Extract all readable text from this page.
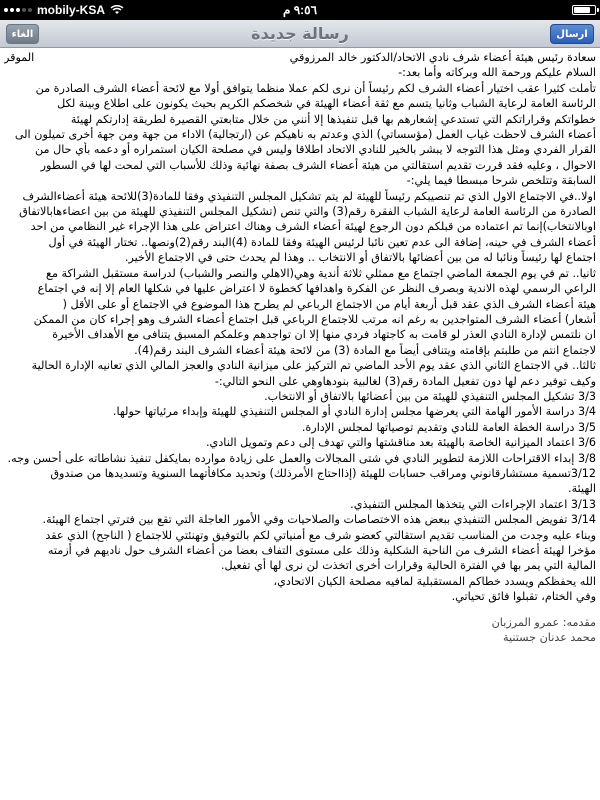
mobily-KSA	٩:٥٦ م
الغاء	رسالة جديدة	ارسال
سعادة رئيس هيئة أعضاء شرف نادي الاتحاد/الدكتور خالد المرزوقي
الموقر

السلام عليكم ورحمة الله وبركاته وأما بعد:-

تأملت كثيرا عقب اختيار أعضاء الشرف لكم رئيساً أن نرى لكم عملا منظما يتوافق أولا مع لائحة أعضاء الشرف الصادرة من

الرئاسة العامة لرعاية الشباب وثانيا يتسم مع ثقة أعضاء الهيئة في شخصكم الكريم بحيث يكونون على اطلاع وبينة لكل

خطواتكم وقراراتكم التي تستدعي إشعارهم بها قبل تنفيذها إلا أنني من خلال متابعتي القصيرة لطريقة إدارتكم لهيئة

أعضاء الشرف لاحظت غياب العمل (مؤسساتي) الذي وعدتم به ناهيكم عن (ارتجالية) الاداء من جهة ومن جهة أخرى تميلون الى

القرار الفردي ومثل هذا التوجه لا يبشر بالخير للنادي الاتحاد اطلاقا وليس في مصلحة الكيان استمراره أو دعمه بأي حال من

الاحوال ، وعليه فقد قررت تقديم استقالتي من هيئة أعضاء الشرف بصفة نهائية وذلك للأسباب التي لمحت لها في السطور

السابقة وتتلخص شرحا مبسطا فيما يلي:-

اولا..في الاجتماع الاول الذي تم تنصيبكم رئيساً للهيئة لم يتم تشكيل المجلس التنفيذي وفقا للمادة(3)للائحة هيئة أعضاءالشرف

الصادرة من الرئاسة العامة لرعاية الشباب الفقرة رقم(3) والتي تنص (تشكيل المجلس التنفيذي للهيئة من بين اعضاءهابالاتفاق

اوبالانتخاب)إنما تم اعتماده من قبلكم دون الرجوع لهيئة أعضاء الشرف وهناك اعتراض على هذا الإجراء غير النظامي من احد

أعضاء الشرف في حينه، إضافة الى عدم تعين نائبا لرئيس الهيئة وفقا للمادة (4)البند رقم(2)ونصها.. تختار الهيئة في أول

اجتماع لها رئيساً ونائبا له من بين أعضائها بالاتفاق أو الانتخاب .. وهذا لم يحدث حتى في الاجتماع الأخير.

ثانيا.. تم في يوم الجمعة الماضي اجتماع مع ممثلي ثلاثة أندية وهي(الاهلي والنصر والشباب) لدراسة مستقبل الشراكة مع

الراعي الرسمي لهذه الاندية وبصرف النظر عن الفكرة واهدافها كخطوة لا اعتراض عليها في شكلها العام إلا إنه في اجتماع

هيئة أعضاء الشرف الذي عقد قبل أربعة أيام من الاجتماع الرباعي لم يطرح هذا الموضوع في الاجتماع أو على الأقل (

أشعار) أعضاء الشرف المتواجدين به رغم انه مرتب للاجتماع الرباعي قبل اجتماع أعضاء الشرف وهو إجراء كان من الممكن

ان نلتمس لإدارة النادي العذر لو قامت به كاجتهاد فردي منها إلا ان تواجدهم وعلمكم المسبق يتنافى مع الأهداف الأخيرة

لاجتماع انتم من طلبتم بإقامته ويتنافى أيضاً مع المادة (3) من لائحة هيئة أعضاء الشرف البند رقم(4).

ثالثا.. في الاجتماع الثاني الذي عقد يوم الأحد الماضي تم التركيز على ميزانية النادي والعجز المالي الذي تعانيه الإدارة الحالية

وكيف توفير دعم لها دون تفعيل المادة رقم(3) لغالبية بنودهاوهي على النحو التالي:-

3/3 تشكيل المجلس التنفيذي للهيئة من بين أعضائها بالاتفاق أو الانتخاب.

3/4 دراسة الأمور الهامة التي يعرضها مجلس إدارة النادي أو المجلس التنفيذي للهيئة وإبداء مرئياتها حولها.

3/5 دراسة الخطة العامة للنادي وتقديم توصياتها لمجلس الإدارة.

3/6 اعتماد الميزانية الخاصة بالهيئة بعد مناقشتها والتي تهدف إلى دعم وتمويل النادي.

3/8 إبداء الاقتراحات اللازمة لتطوير النادي في شتى المجالات والعمل على زيادة موارده بمايكفل تنفيذ نشاطاته على أحسن وجه.

3/12تسمية مستشارقانوني ومراقب حسابات للهيئة (إذااحتاج الأمرذلك) وتحديد مكافأتهما السنوية وتسديدها من صندوق

الهيئة.

3/13 اعتماد الإجراءات التي يتخذها المجلس التنفيذي.

3/14 تفويض المجلس التنفيذي ببعض هذه الاختصاصات والصلاحيات وفي الأمور العاجلة التي تقع بين فترتي اجتماع الهيئة.

وبناء عليه وجدت من المناسب تقديم استقالتي كعضو شرف مع أمنياتي لكم بالتوفيق وتهنئتي للاجتماع ( الناجح) الذي عقد

مؤخرا لهيئة أعضاء الشرف من الناحية الشكلية وذلك على مستوى التفاف بعضا من أعضاء الشرف حول ناديهم في أزمته

المالية التي يمر بها في الفترة الحالية وقرارات أخرى اتخذت لن نرى لها أي تفعيل.

الله يحفظكم ويسدد خطاكم المستقبلية لمافيه مصلحة الكيان الاتحادي،

وفي الختام، تقبلوا فائق تحياتي.

مقدمه: عمرو المرزبان

محمد عدنان جستنية
